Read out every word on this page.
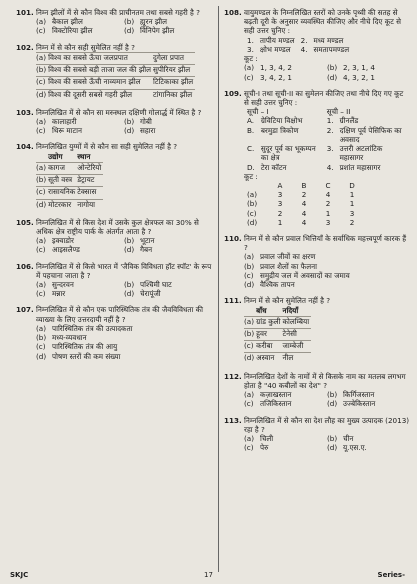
101. निम्न झीलों में से कौन विश्व की प्राचीनतम तथा सबसे गहरी है ?
(a) बैकाल झील	(b) ह्यूरन झील
(c) विक्टोरिया झील	(d) विनिपेग झील
102. निम्न में से कौन सही सुमेलित नहीं है ?
(a)	विश्व का सबसे ऊँचा जलप्रपात	दुगेला प्रपात
(b)	विश्व की सबसे बड़ी ताजा जल की झील	सुपीरियर झील
(c)	विश्व की सबसे ऊँची नाव्यमान झील	टिटिकाका झील
(d)	विश्व की दूसरी सबसे गहरी झील	टांगानिका झील
103. निम्नलिखित में से कौन सा मरुस्थल दक्षिणी गोलार्द्ध में स्थित है ?
(a) कालाहारी	(b) गोबी
(c) थिरू माटान	(d) सहारा
104. निम्नलिखित युग्मों में से कौन सा सही सुमेलित नहीं है ?
	उद्योग	स्थान
(a)	कागज	ओन्टेरियो
(b)	सूती वस्त्र	डेट्रायट
(c)	रासायनिक	टेक्सास
(d)	मोटरकार	नागोया
105. निम्नलिखित में से किस देश में उसके कुल क्षेत्रफल का 30% से अधिक क्षेत्र राष्ट्रीय पार्क के अंतर्गत आता है ?
(a) इक्वाडोर	(b) भूटान
(c) आइसलैण्ड	(d) गैबन
106. निम्नलिखित में से किसे भारत में 'जैविक विविधता हॉट स्पॉट' के रूप में पहचाना जाता है ?
(a) सुन्दरवन	(b) पश्चिमी घाट
(c) मन्नार	(d) चेरापूंजी
107. निम्नलिखित में से कौन एक पारिस्थितिक तंत्र की जैवविविधता की व्याख्या के लिए उत्तरदायी नहीं है ?
(a) पारिस्थितिक तंत्र की उत्पादकता
(b) मध्य-व्यवधान
(c) पारिस्थितिक तंत्र की आयु
(d) पोषण स्तरों की कम संख्या
108. वायुमण्डल के निम्नलिखित स्तरों को उनके पृथ्वी की सतह से बढ़ती दूरी के अनुसार व्यवस्थित कीजिए और नीचे दिए कूट से सही उत्तर चुनिए :
1.	तापीय मण्डल	2.	मध्य मण्डल
3.	क्षोभ मण्डल	4.	समतापमण्डल
कूट :
(a) 1, 3, 4, 2	(b) 2, 3, 1, 4
(c) 3, 4, 2, 1	(d) 4, 3, 2, 1
109. सूची-I तथा सूची-II का सुमेलन कीजिए तथा नीचे दिए गए कूट से सही उत्तर चुनिए :
सूची – I		सूची – II	
A.	ग्रेविटिया विक्षोभ	1.	ग्रीनलैंड
B.	बरमुडा त्रिकोण	2.	दक्षिण पूर्व पेसिफिक का अवसाद
C.	सुदूर पूर्व का भूकम्पन का क्षेत्र	3.	उत्तरी अटलांटिक महासागर
D.	टेरा कॉटन	4.	प्रशांत महासागर
कूट :
	A	B	C	D
(a)	3	2	4	1
(b)	3	4	2	1
(c)	2	4	1	3
(d)	1	4	3	2
110. निम्न में से कौन प्रवाल भित्तियाँ के सर्वाधिक महत्त्वपूर्ण कारक हैं ?
(a) प्रवाल जीवों का क्षरण
(b) प्रवाल शैलों का फैलना
(c) समुद्रीय जल में अवसादों का जमाव
(d) वैश्विक तापन
111. निम्न में से कौन सुमेलित नहीं है ?
	बाँध	नदियाँ
(a)	ग्रांड कुली	कोलम्बिया
(b)	हूवर	टेनेसी
(c)	करीबा	जाम्बेजी
(d)	अस्वान	नील
112. निम्नलिखित देशों के नामों में से किसके नाम का मतलब लगभग होता है "40 कबीलों का देश" ?
(a) कज़ाखस्तान	(b) किर्गिजस्तान
(c) तजिकिस्तान	(d) उज्बेकिस्तान
113. निम्नलिखित में से कौन सा देश लौह का मुख्य उत्पादक (2013) रहा है ?
(a) चिली	(b) चीन
(c) पेरु	(d) यू.एस.ए.
SKJC	17	Series-
